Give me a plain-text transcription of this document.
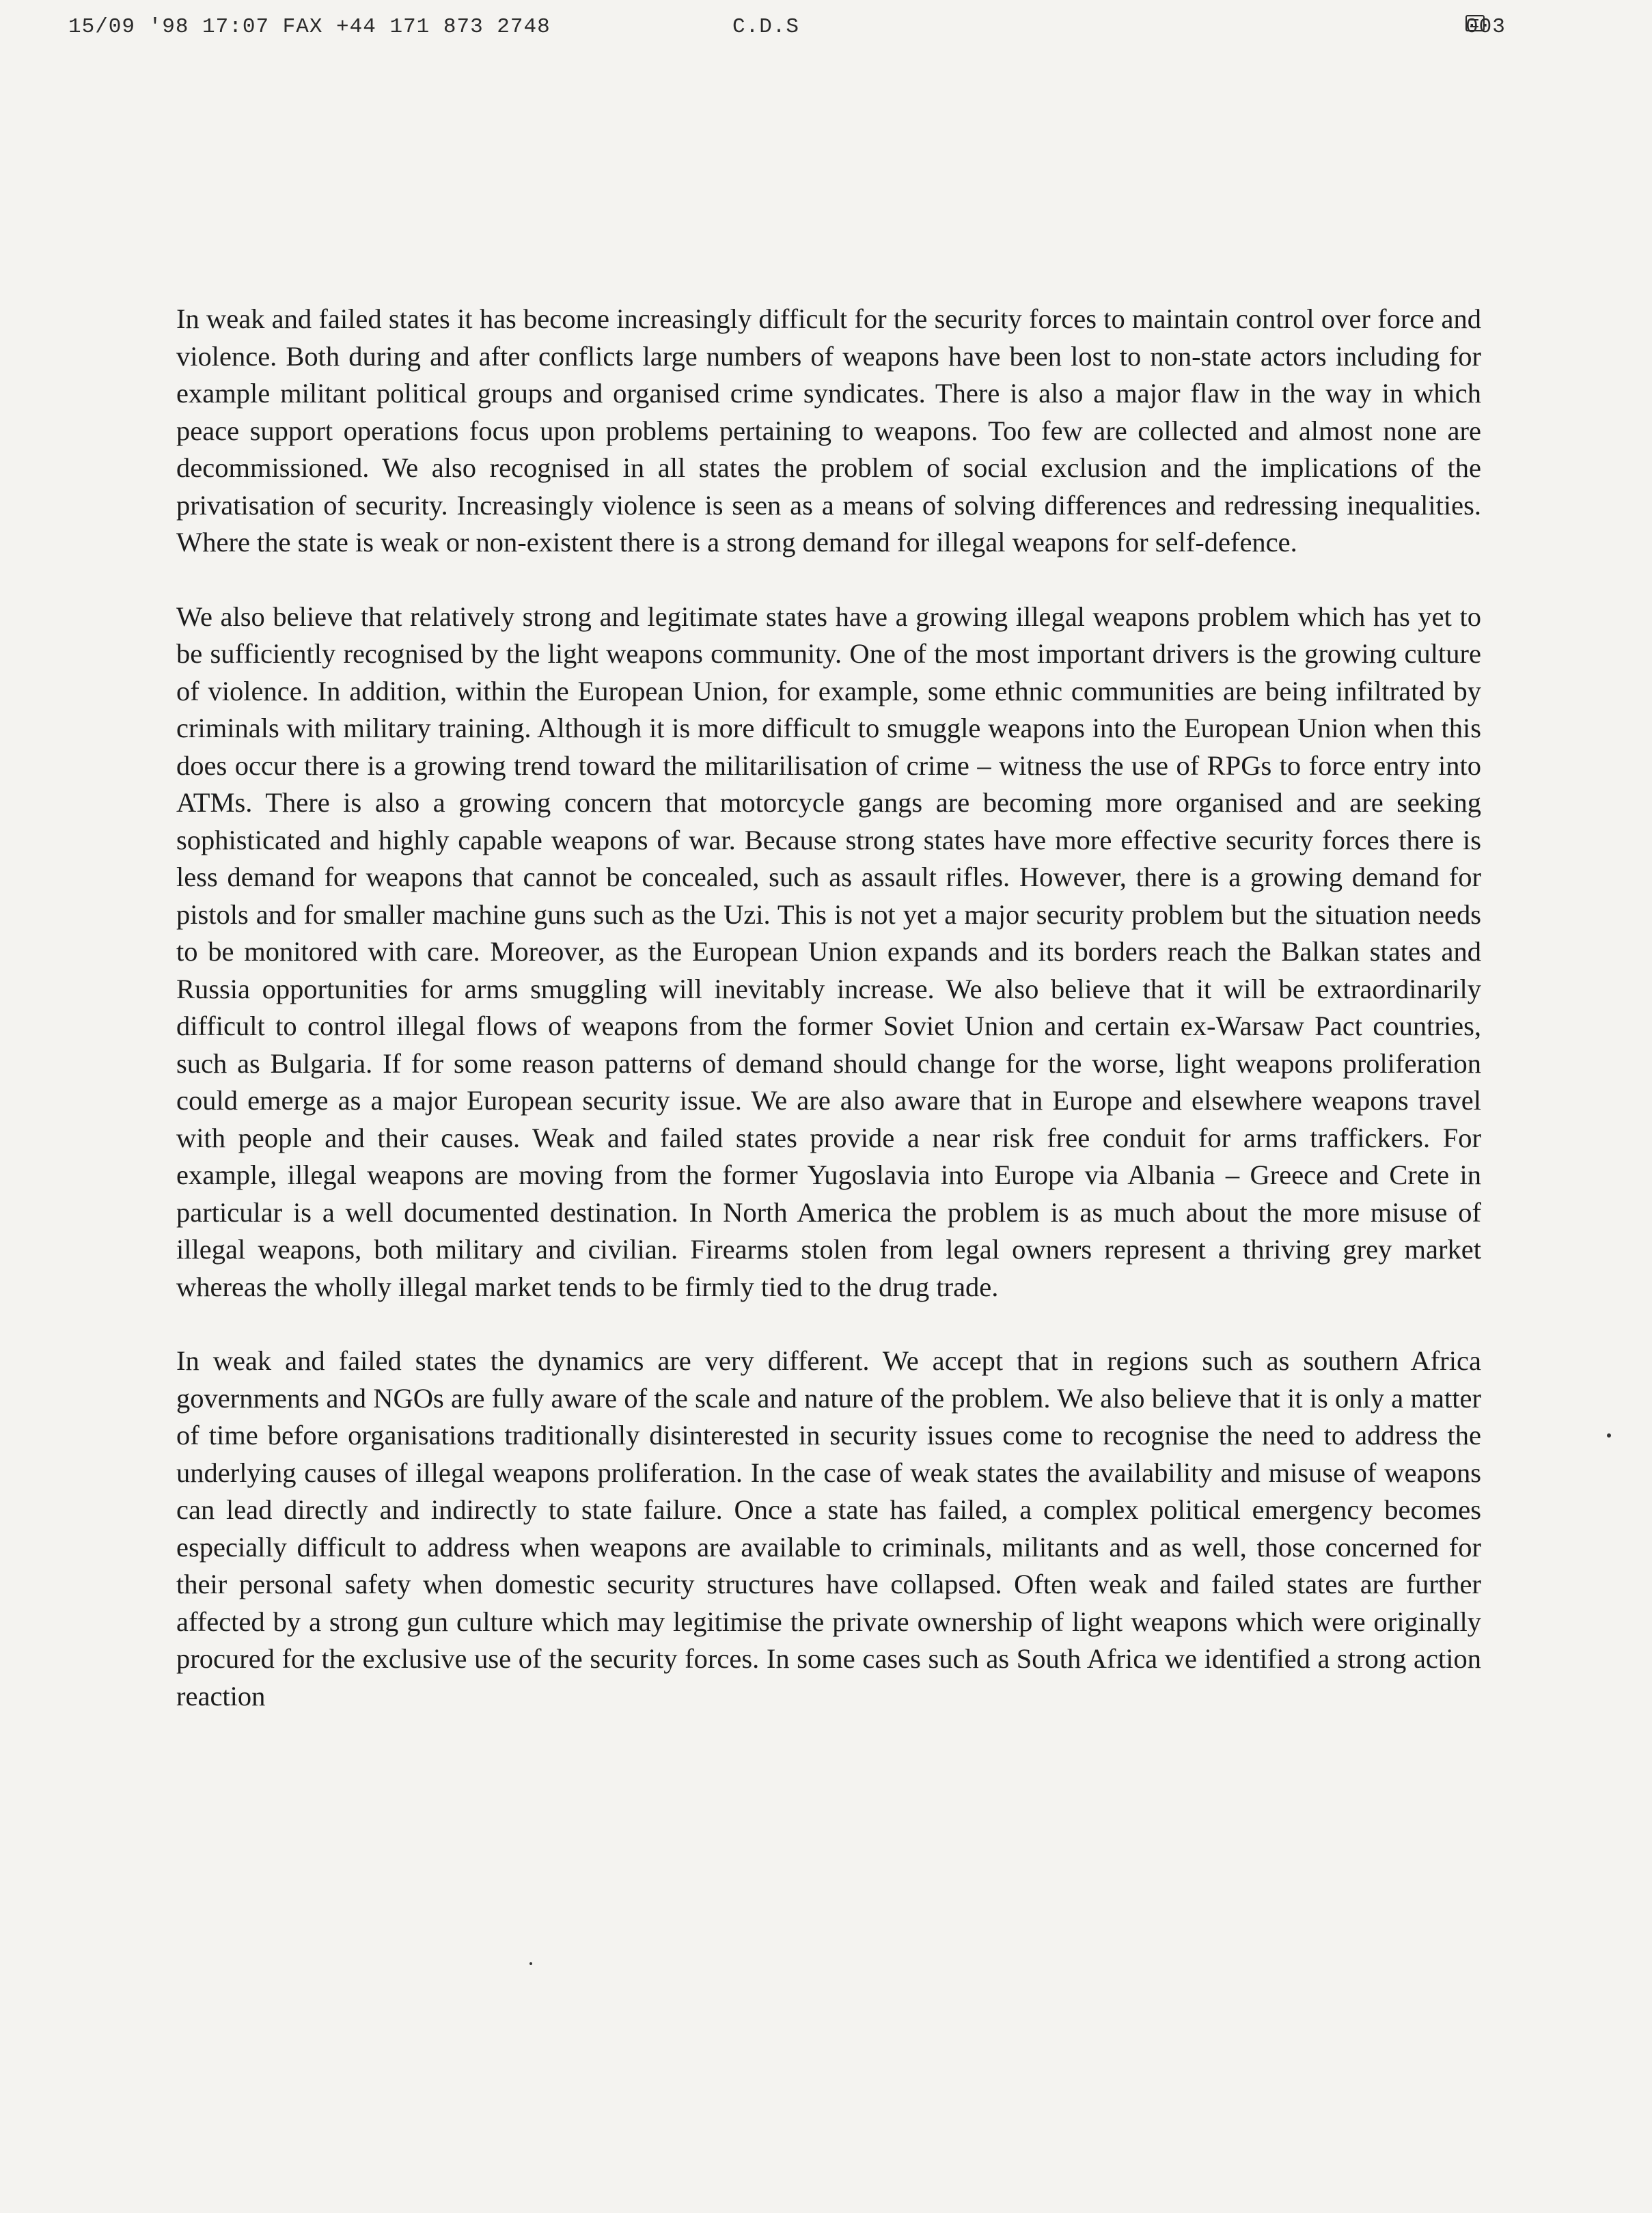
15/09 '98 17:07 FAX +44 171 873 2748	C.D.S	003

In weak and failed states it has become increasingly difficult for the security forces to maintain control over force and violence. Both during and after conflicts large numbers of weapons have been lost to non-state actors including for example militant political groups and organised crime syndicates. There is also a major flaw in the way in which peace support operations focus upon problems pertaining to weapons. Too few are collected and almost none are decommissioned. We also recognised in all states the problem of social exclusion and the implications of the privatisation of security. Increasingly violence is seen as a means of solving differences and redressing inequalities. Where the state is weak or non-existent there is a strong demand for illegal weapons for self-defence.

We also believe that relatively strong and legitimate states have a growing illegal weapons problem which has yet to be sufficiently recognised by the light weapons community. One of the most important drivers is the growing culture of violence. In addition, within the European Union, for example, some ethnic communities are being infiltrated by criminals with military training. Although it is more difficult to smuggle weapons into the European Union when this does occur there is a growing trend toward the militarilisation of crime – witness the use of RPGs to force entry into ATMs. There is also a growing concern that motorcycle gangs are becoming more organised and are seeking sophisticated and highly capable weapons of war. Because strong states have more effective security forces there is less demand for weapons that cannot be concealed, such as assault rifles. However, there is a growing demand for pistols and for smaller machine guns such as the Uzi. This is not yet a major security problem but the situation needs to be monitored with care. Moreover, as the European Union expands and its borders reach the Balkan states and Russia opportunities for arms smuggling will inevitably increase. We also believe that it will be extraordinarily difficult to control illegal flows of weapons from the former Soviet Union and certain ex-Warsaw Pact countries, such as Bulgaria. If for some reason patterns of demand should change for the worse, light weapons proliferation could emerge as a major European security issue. We are also aware that in Europe and elsewhere weapons travel with people and their causes. Weak and failed states provide a near risk free conduit for arms traffickers. For example, illegal weapons are moving from the former Yugoslavia into Europe via Albania – Greece and Crete in particular is a well documented destination. In North America the problem is as much about the more misuse of illegal weapons, both military and civilian. Firearms stolen from legal owners represent a thriving grey market whereas the wholly illegal market tends to be firmly tied to the drug trade.

In weak and failed states the dynamics are very different. We accept that in regions such as southern Africa governments and NGOs are fully aware of the scale and nature of the problem. We also believe that it is only a matter of time before organisations traditionally disinterested in security issues come to recognise the need to address the underlying causes of illegal weapons proliferation. In the case of weak states the availability and misuse of weapons can lead directly and indirectly to state failure. Once a state has failed, a complex political emergency becomes especially difficult to address when weapons are available to criminals, militants and as well, those concerned for their personal safety when domestic security structures have collapsed. Often weak and failed states are further affected by a strong gun culture which may legitimise the private ownership of light weapons which were originally procured for the exclusive use of the security forces. In some cases such as South Africa we identified a strong action reaction
